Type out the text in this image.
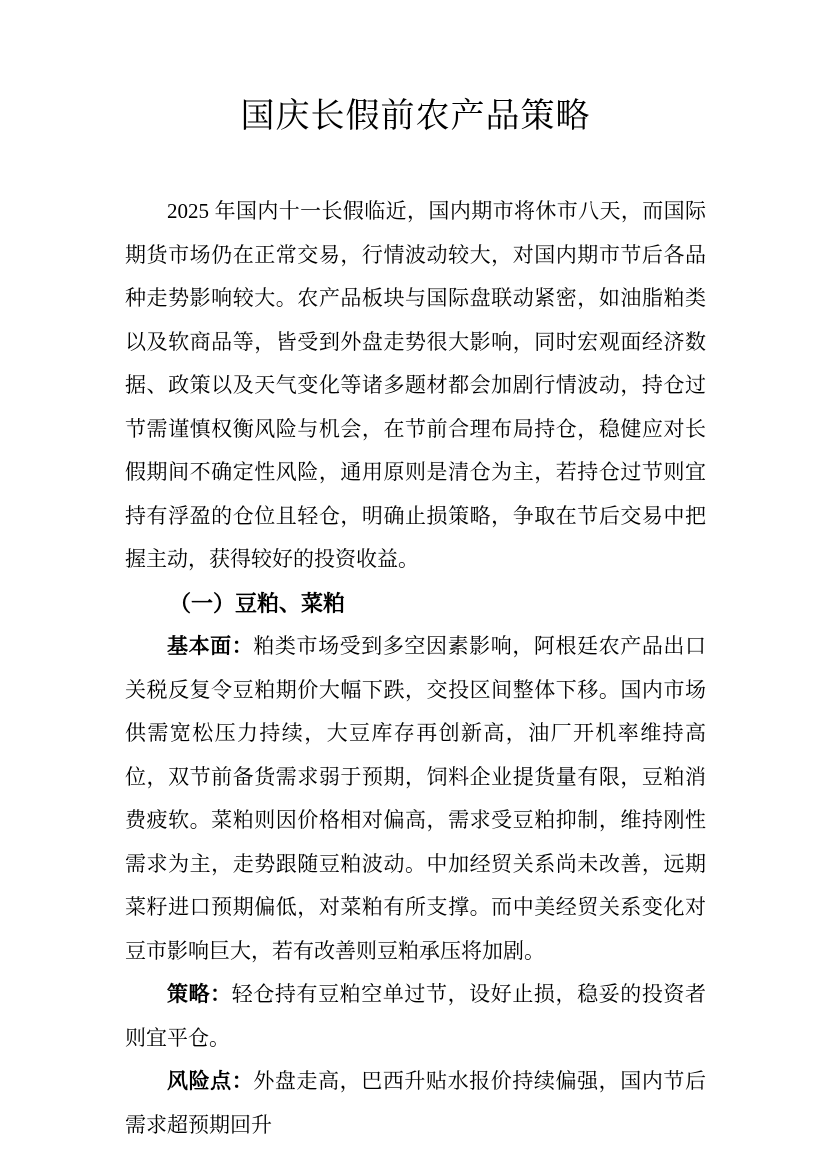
国庆长假前农产品策略

2025 年国内十一长假临近，国内期市将休市八天，而国际期货市场仍在正常交易，行情波动较大，对国内期市节后各品种走势影响较大。农产品板块与国际盘联动紧密，如油脂粕类以及软商品等，皆受到外盘走势很大影响，同时宏观面经济数据、政策以及天气变化等诸多题材都会加剧行情波动，持仓过节需谨慎权衡风险与机会，在节前合理布局持仓，稳健应对长假期间不确定性风险，通用原则是清仓为主，若持仓过节则宜持有浮盈的仓位且轻仓，明确止损策略，争取在节后交易中把握主动，获得较好的投资收益。

（一）豆粕、菜粕

基本面：粕类市场受到多空因素影响，阿根廷农产品出口关税反复令豆粕期价大幅下跌，交投区间整体下移。国内市场供需宽松压力持续，大豆库存再创新高，油厂开机率维持高位，双节前备货需求弱于预期，饲料企业提货量有限，豆粕消费疲软。菜粕则因价格相对偏高，需求受豆粕抑制，维持刚性需求为主，走势跟随豆粕波动。中加经贸关系尚未改善，远期菜籽进口预期偏低，对菜粕有所支撑。而中美经贸关系变化对豆市影响巨大，若有改善则豆粕承压将加剧。

策略：轻仓持有豆粕空单过节，设好止损，稳妥的投资者则宜平仓。

风险点：外盘走高，巴西升贴水报价持续偏强，国内节后需求超预期回升
